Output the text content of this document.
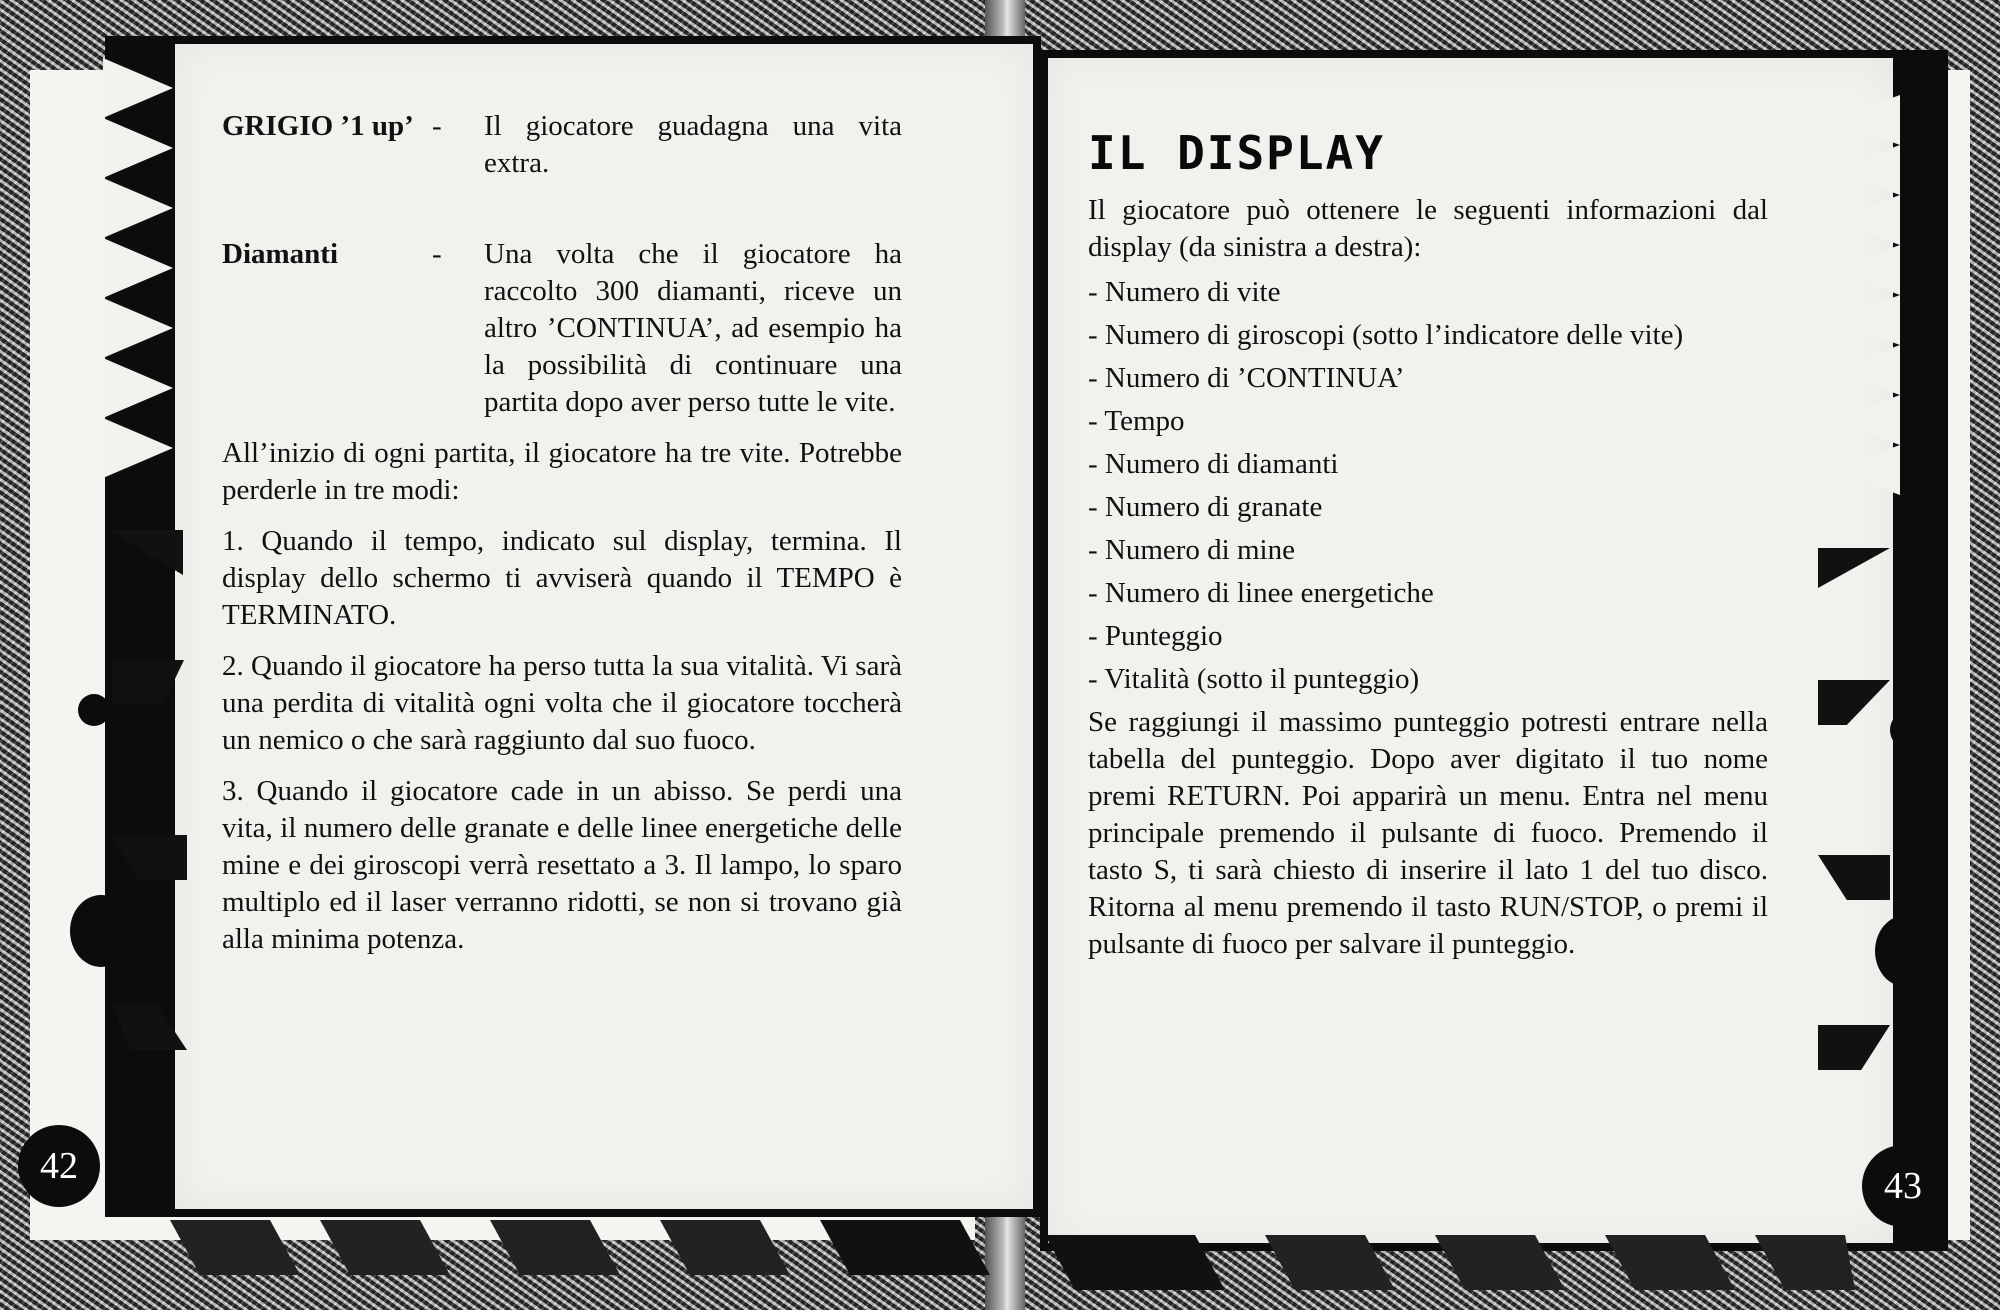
42
GRIGIO ’1 up’ -	Il giocatore guadagna una vita extra.
Diamanti	-	Una volta che il giocatore ha raccolto 300 diamanti, riceve un altro ’CONTINUA’, ad esempio ha la possibilità di continuare una partita dopo aver perso tutte le vite.

All’inizio di ogni partita, il giocatore ha tre vite. Potrebbe perderle in tre modi:

1. Quando il tempo, indicato sul display, termina. Il display dello schermo ti avviserà quando il TEMPO è TERMINATO.

2. Quando il giocatore ha perso tutta la sua vitalità. Vi sarà una perdita di vitalità ogni volta che il giocatore toccherà un nemico o che sarà raggiunto dal suo fuoco.

3. Quando il giocatore cade in un abisso. Se perdi una vita, il numero delle granate e delle linee energetiche delle mine e dei giroscopi verrà resettato a 3. Il lampo, lo sparo multiplo ed il laser verranno ridotti, se non si trovano già alla minima potenza.

43
IL DISPLAY

Il giocatore può ottenere le seguenti informazioni dal display (da sinistra a destra):

- Numero di vite
- Numero di giroscopi (sotto l’indicatore delle vite)
- Numero di ’CONTINUA’
- Tempo
- Numero di diamanti
- Numero di granate
- Numero di mine
- Numero di linee energetiche
- Punteggio
- Vitalità (sotto il punteggio)

Se raggiungi il massimo punteggio potresti entrare nella tabella del punteggio. Dopo aver digitato il tuo nome premi RETURN. Poi apparirà un menu. Entra nel menu principale premendo il pulsante di fuoco. Premendo il tasto S, ti sarà chiesto di inserire il lato 1 del tuo disco. Ritorna al menu premendo il tasto RUN/STOP, o premi il pulsante di fuoco per salvare il punteggio.
